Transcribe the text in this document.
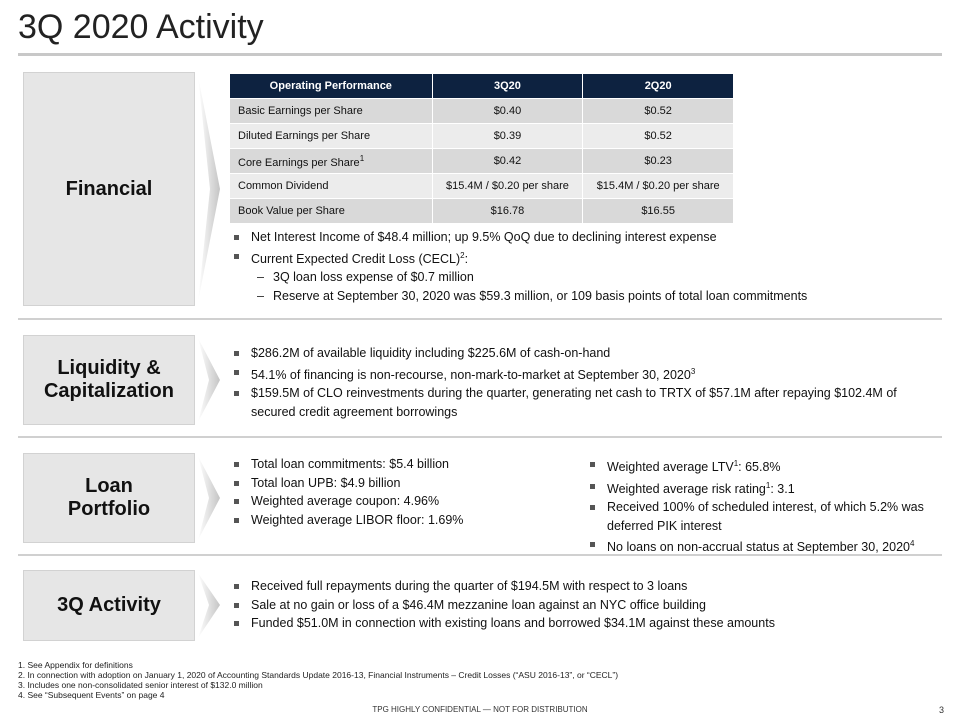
3Q 2020 Activity
Financial
Operating Performance	3Q20	2Q20
Basic Earnings per Share	$0.40	$0.52
Diluted Earnings per Share	$0.39	$0.52
Core Earnings per Share$^1$	$0.42	$0.23
Common Dividend	$15.4M / $0.20 per share	$15.4M / $0.20 per share
Book Value per Share	$16.78	$16.55
Net Interest Income of $48.4 million; up 9.5% QoQ due to declining interest expense
Current Expected Credit Loss (CECL)$^2$:
3Q loan loss expense of $0.7 million
Reserve at September 30, 2020 was $59.3 million, or 109 basis points of total loan commitments
Liquidity &
Capitalization
$286.2M of available liquidity including $225.6M of cash-on-hand
54.1% of financing is non-recourse, non-mark-to-market at September 30, 2020$^3$
$159.5M of CLO reinvestments during the quarter, generating net cash to TRTX of $57.1M after repaying $102.4M of secured credit agreement borrowings
Loan
Portfolio
Total loan commitments: $5.4 billion
Total loan UPB: $4.9 billion
Weighted average coupon: 4.96%
Weighted average LIBOR floor: 1.69%
Weighted average LTV$^1$: 65.8%
Weighted average risk rating$^1$: 3.1
Received 100% of scheduled interest, of which 5.2% was deferred PIK interest
No loans on non-accrual status at September 30, 2020$^4$
3Q Activity
Received full repayments during the quarter of $194.5M with respect to 3 loans
Sale at no gain or loss of a $46.4M mezzanine loan against an NYC office building
Funded $51.0M in connection with existing loans and borrowed $34.1M against these amounts
1. See Appendix for definitions
2. In connection with adoption on January 1, 2020 of Accounting Standards Update 2016-13, Financial Instruments – Credit Losses (“ASU 2016-13”, or “CECL”)
3. Includes one non-consolidated senior interest of $132.0 million
4. See “Subsequent Events” on page 4
TPG HIGHLY CONFIDENTIAL — NOT FOR DISTRIBUTION	3
